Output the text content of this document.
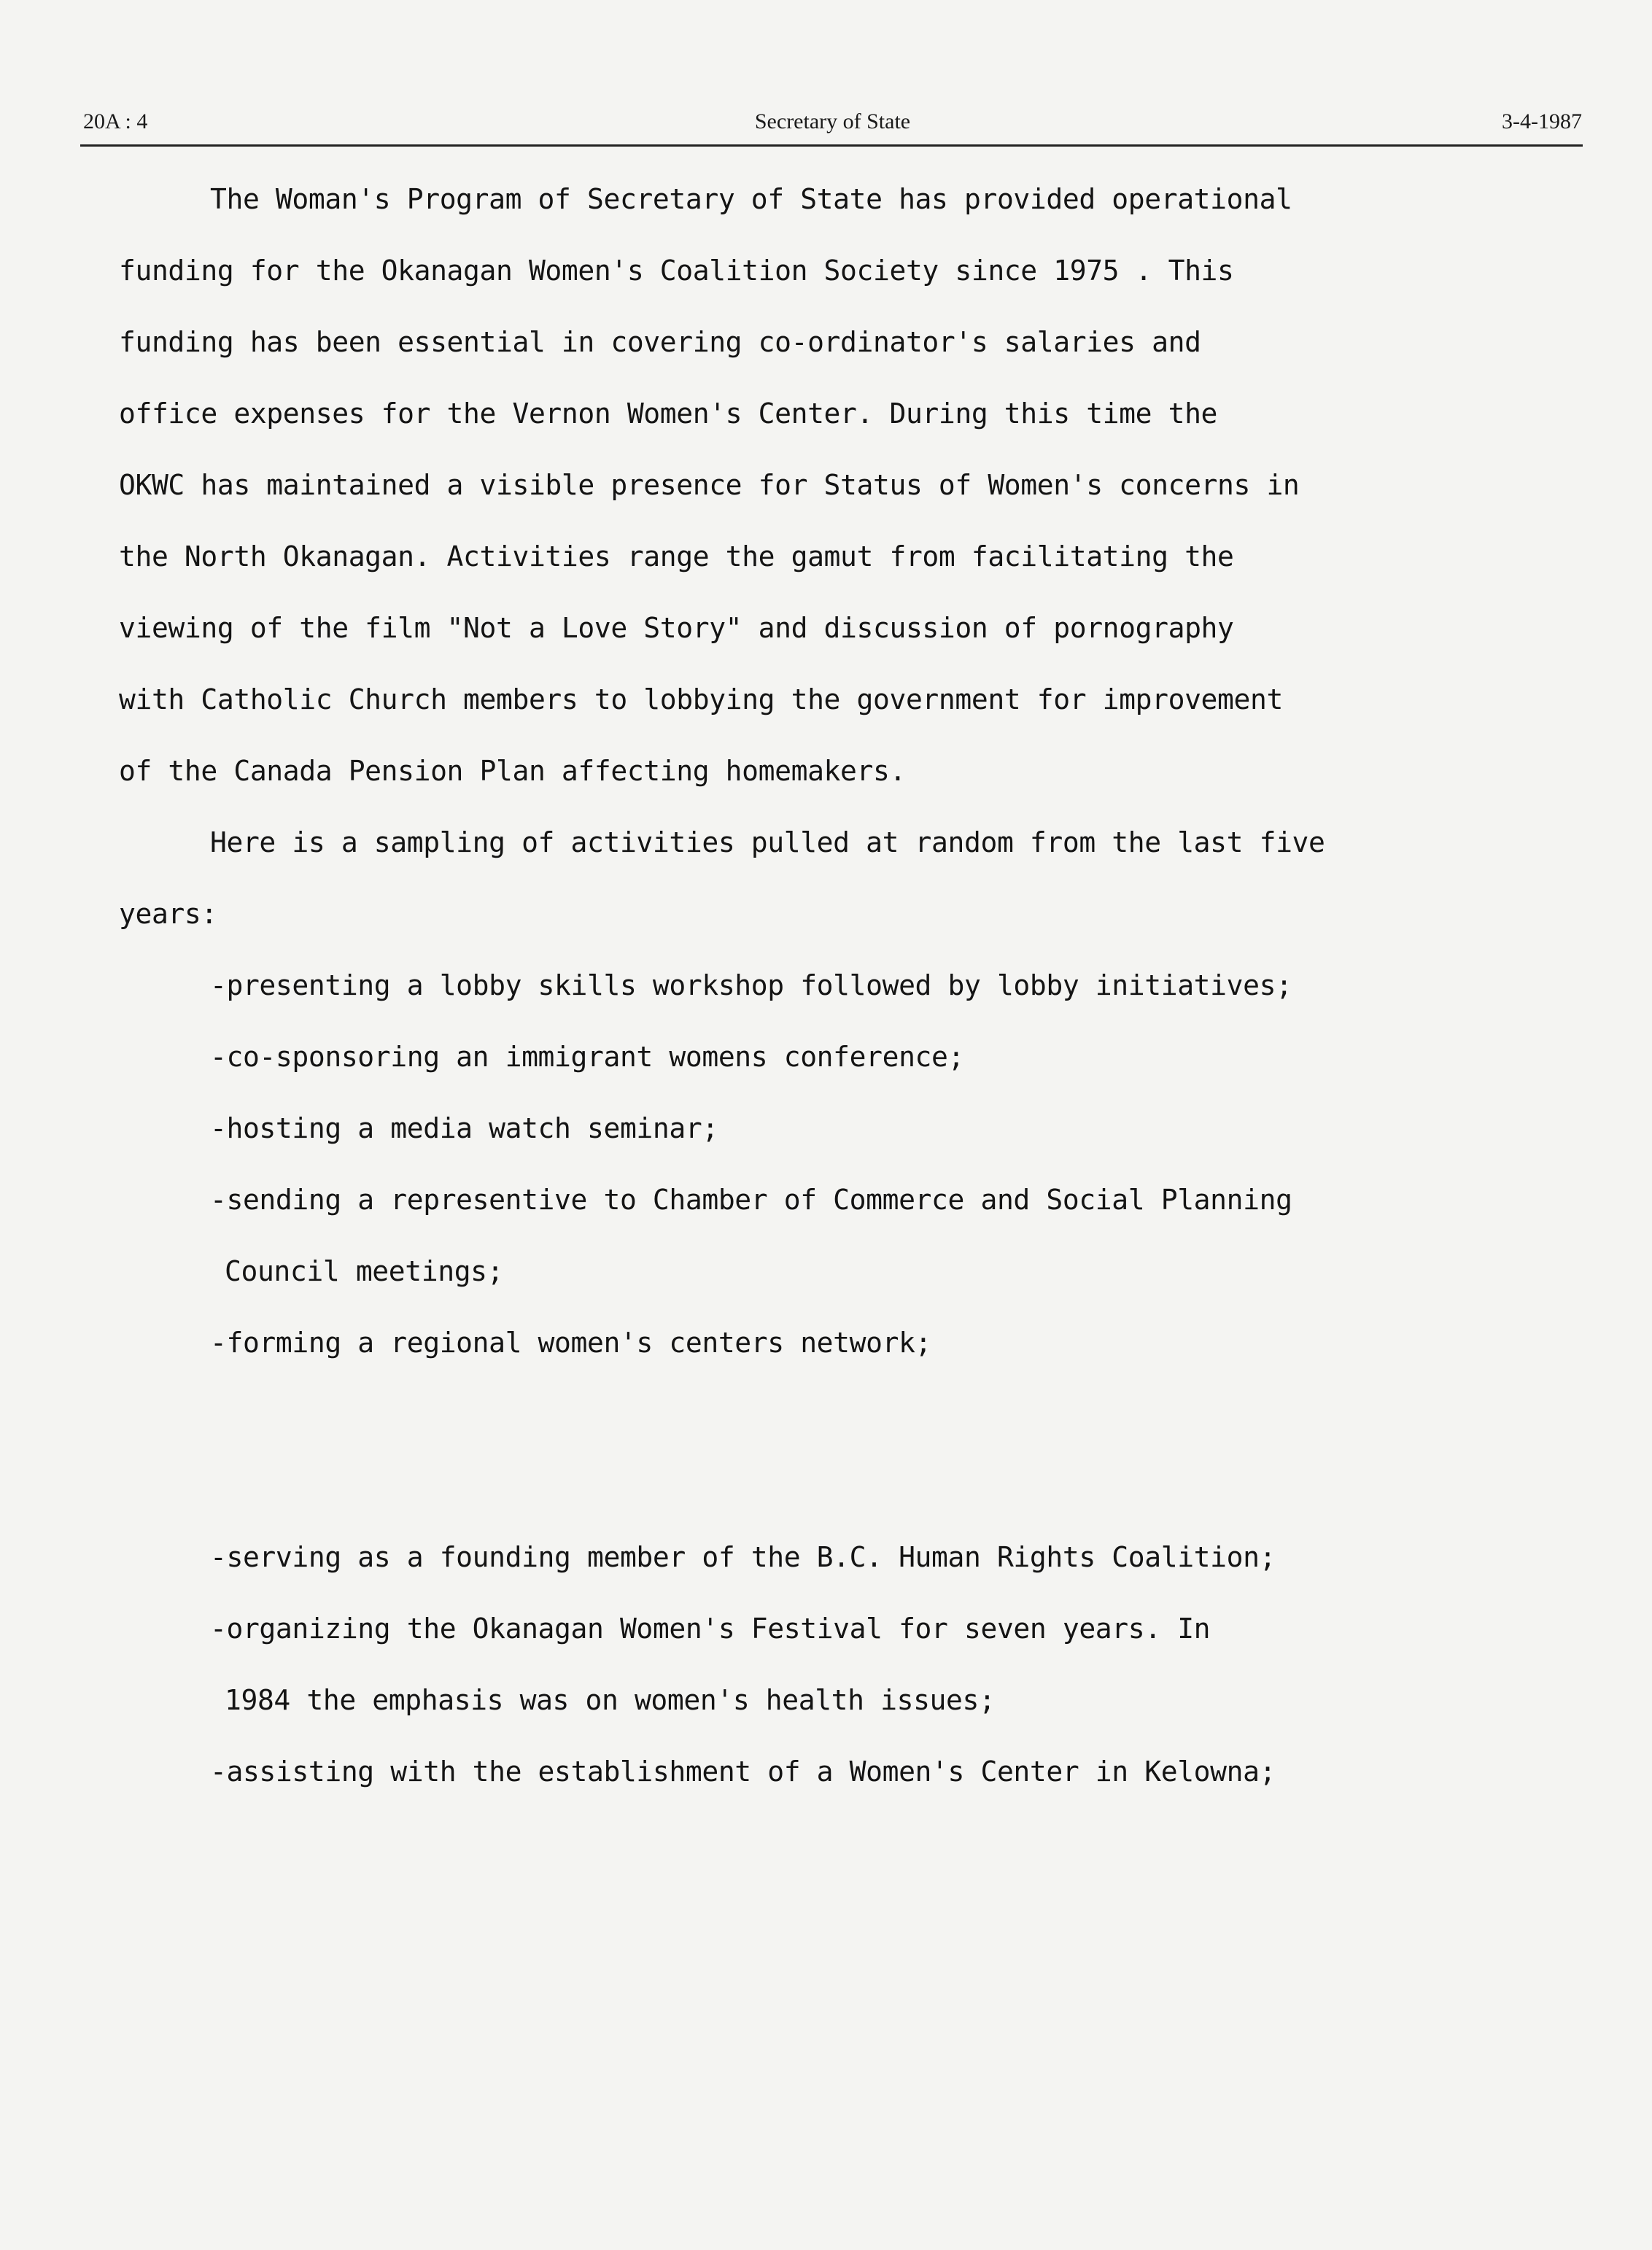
20A : 4	Secretary of State	3-4-1987
The Woman's Program of Secretary of State has provided operational
funding for the Okanagan Women's Coalition Society since 1975 . This
funding has been essential in covering co-ordinator's salaries and
office expenses for the Vernon Women's Center. During this time the
OKWC has maintained a visible presence for Status of Women's concerns in
the North Okanagan. Activities range the gamut from facilitating the
viewing of the film "Not a Love Story" and discussion of pornography
with Catholic Church members to lobbying the government for improvement
of the Canada Pension Plan affecting homemakers.
Here is a sampling of activities pulled at random from the last five
years:
-presenting a lobby skills workshop followed by lobby initiatives;
-co-sponsoring an immigrant womens conference;
-hosting a media watch seminar;
-sending a representive to Chamber of Commerce and Social Planning
Council meetings;
-forming a regional women's centers network;
-serving as a founding member of the B.C. Human Rights Coalition;
-organizing the Okanagan Women's Festival for seven years. In
1984 the emphasis was on women's health issues;
-assisting with the establishment of a Women's Center in Kelowna;
